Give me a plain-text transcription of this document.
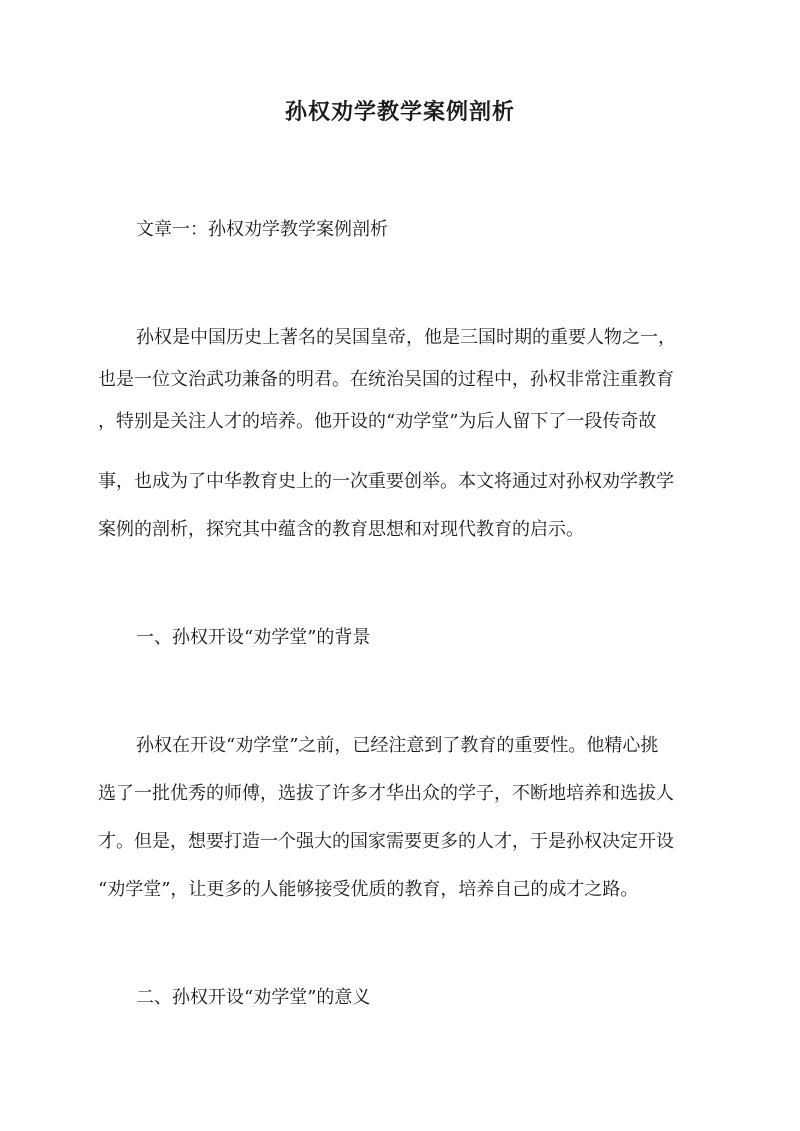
孙权劝学教学案例剖析

文章一：孙权劝学教学案例剖析

孙权是中国历史上著名的吴国皇帝，他是三国时期的重要人物之一，

也是一位文治武功兼备的明君。在统治吴国的过程中，孙权非常注重教育

，特别是关注人才的培养。他开设的“劝学堂”为后人留下了一段传奇故

事，也成为了中华教育史上的一次重要创举。本文将通过对孙权劝学教学

案例的剖析，探究其中蕴含的教育思想和对现代教育的启示。

一、孙权开设“劝学堂”的背景

孙权在开设“劝学堂”之前，已经注意到了教育的重要性。他精心挑

选了一批优秀的师傅，选拔了许多才华出众的学子，不断地培养和选拔人

才。但是，想要打造一个强大的国家需要更多的人才，于是孙权决定开设

“劝学堂”，让更多的人能够接受优质的教育，培养自己的成才之路。

二、孙权开设“劝学堂”的意义
